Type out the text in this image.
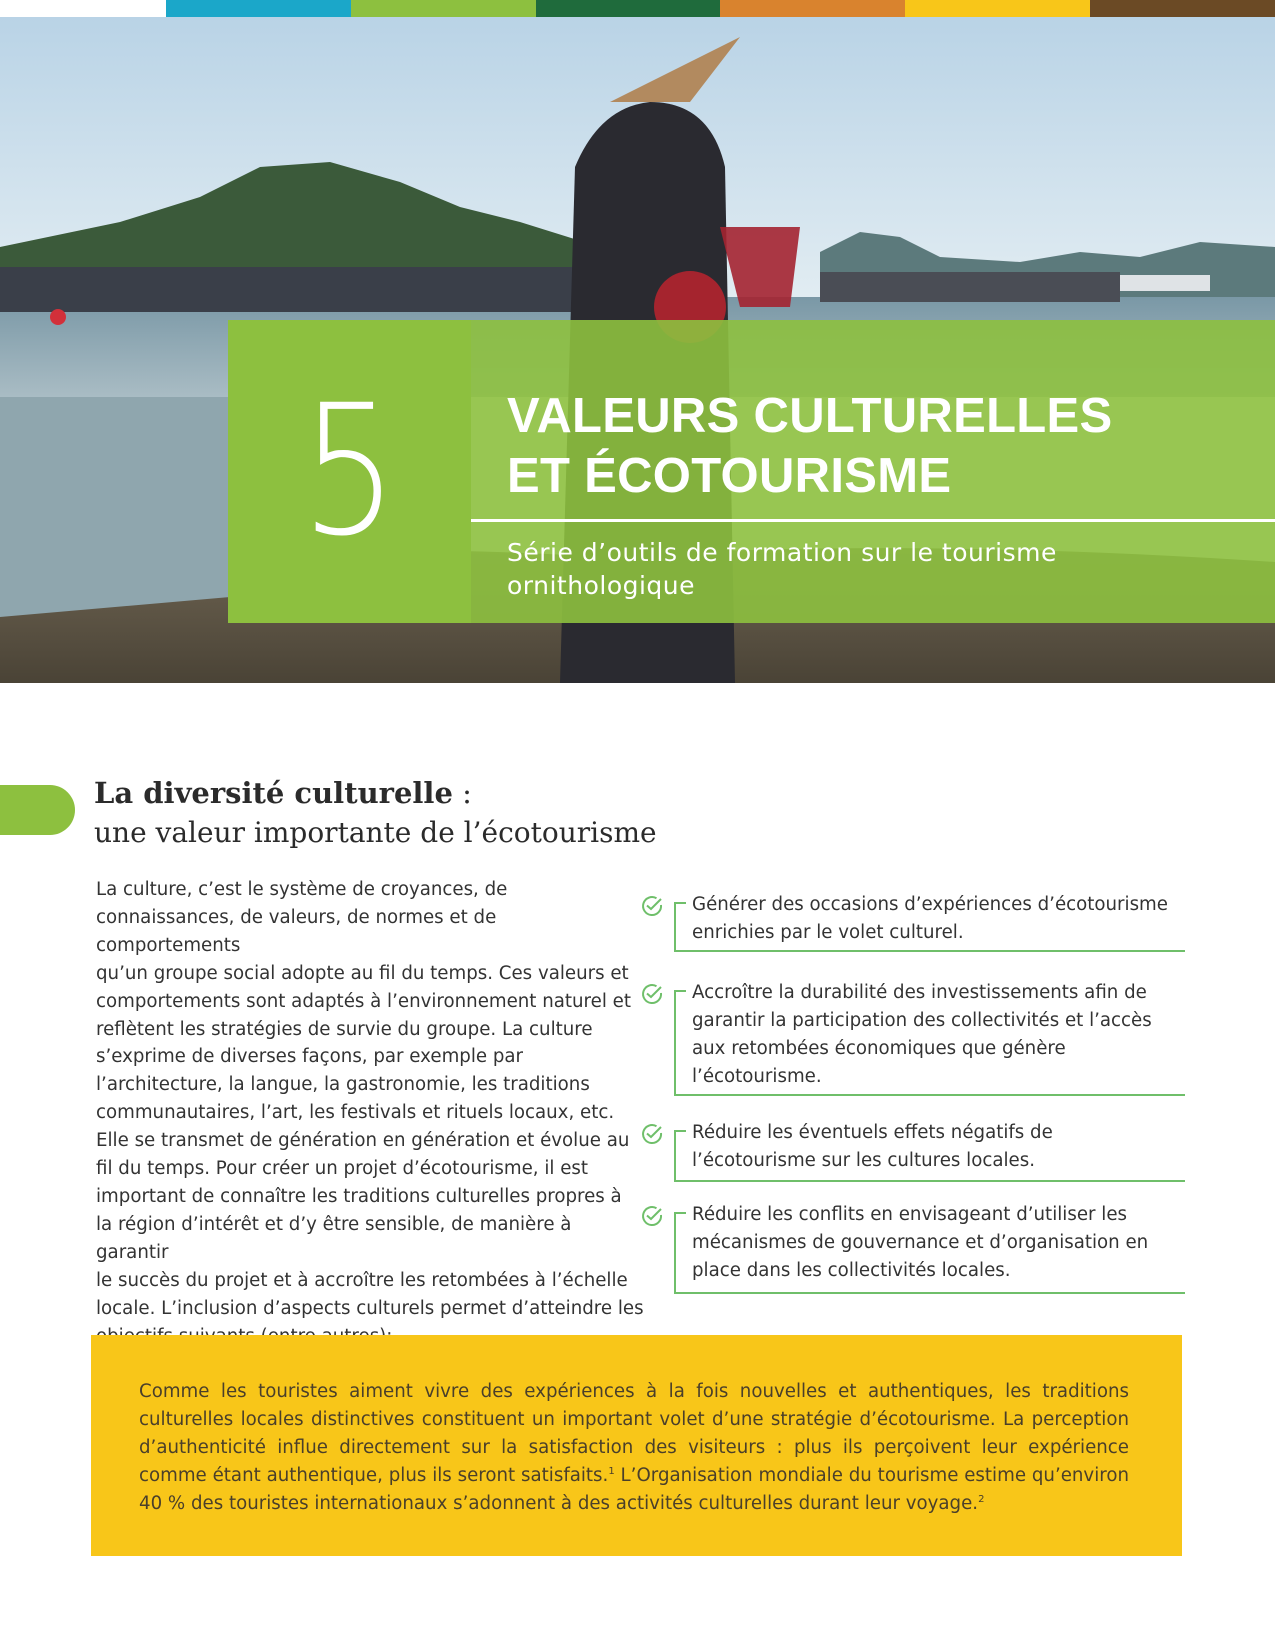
5 VALEURS CULTURELLES
ET ÉCOTOURISME

Série d’outils de formation sur le tourisme
ornithologique

La diversité culturelle :
une valeur importante de l’écotourisme

La culture, c’est le système de croyances, de
connaissances, de valeurs, de normes et de comportements
qu’un groupe social adopte au fil du temps. Ces valeurs et
comportements sont adaptés à l’environnement naturel et
reflètent les stratégies de survie du groupe. La culture
s’exprime de diverses façons, par exemple par
l’architecture, la langue, la gastronomie, les traditions
communautaires, l’art, les festivals et rituels locaux, etc.
Elle se transmet de génération en génération et évolue au
fil du temps. Pour créer un projet d’écotourisme, il est
important de connaître les traditions culturelles propres à
la région d’intérêt et d’y être sensible, de manière à garantir
le succès du projet et à accroître les retombées à l’échelle
locale. L’inclusion d’aspects culturels permet d’atteindre les

Générer des occasions d’expériences d’écotourisme
enrichies par le volet culturel.

Accroître la durabilité des investissements afin de
garantir la participation des collectivités et l’accès
aux retombées économiques que génère
l’écotourisme.

Réduire les éventuels effets négatifs de
l’écotourisme sur les cultures locales.

Réduire les conflits en envisageant d’utiliser les
mécanismes de gouvernance et d’organisation en
place dans les collectivités locales.

Comme les touristes aiment vivre des expériences à la fois nouvelles et authentiques, les traditions culturelles locales distinctives constituent un important volet d’une stratégie d’écotourisme. La perception d’authenticité influe directement sur la satisfaction des visiteurs : plus ils perçoivent leur expérience comme étant authentique, plus ils seront satisfaits.$^1$ L’Organisation mondiale du tourisme estime qu’environ 40 % des touristes internationaux s’adonnent à des activités culturelles durant leur voyage.$^2$
